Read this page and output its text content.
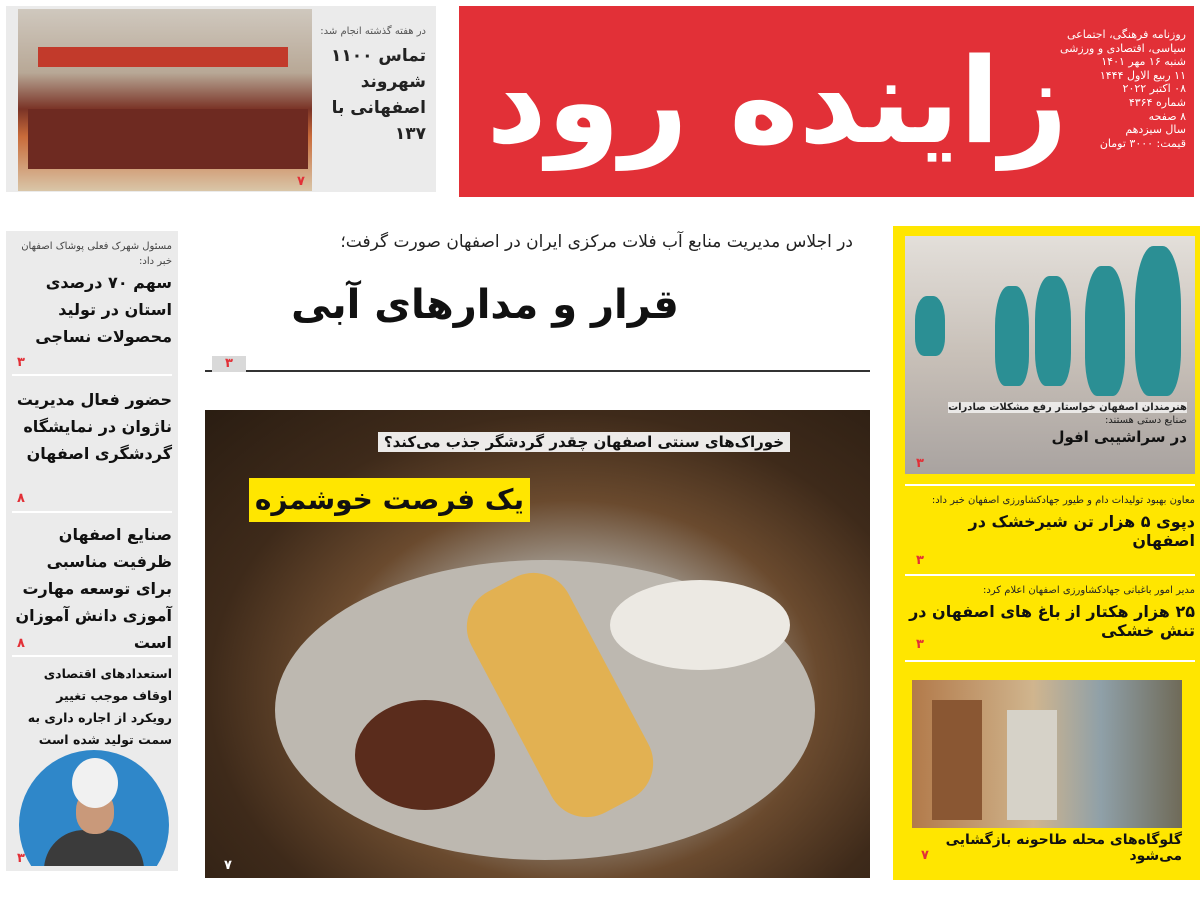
زاینده رود روزنامه فرهنگی، اجتماعی
سیاسی، اقتصادی و ورزشی
شنبه ۱۶ مهر ۱۴۰۱
۱۱ ربیع الاول ۱۴۴۴
۰۸ اکتبر ۲۰۲۲
شماره ۴۳۶۴
۸ صفحه
سال سیزدهم
قیمت: ۳۰۰۰ تومان
در هفته گذشته انجام شد:
تماس ۱۱۰۰ شهروند اصفهانی با ۱۳۷
۷
مسئول شهرک فعلی پوشاک اصفهان خبر داد:
سهم ۷۰ درصدی استان در تولید محصولات نساجی
۳
حضور فعال مدیریت ناژوان در نمایشگاه گردشگری اصفهان
۸
صنایع اصفهان ظرفیت مناسبی برای توسعه مهارت آموزی دانش آموزان است
۸
استعدادهای اقتصادی اوقاف موجب تغییر رویکرد از اجاره داری به سمت تولید شده است
۳
در اجلاس مدیریت منابع آب فلات مرکزی ایران در اصفهان صورت گرفت؛
قرار و مدارهای آبی
۳
خوراک‌های سنتی اصفهان چقدر گردشگر جذب می‌کند؟
یک فرصت خوشمزه
۷
هنرمندان اصفهان خواستار رفع مشکلات صادرات
صنایع دستی هستند:
در سراشیبی افول
۳
معاون بهبود تولیدات دام و طیور جهادکشاورزی اصفهان خبر داد:
دپوی ۵ هزار تن شیرخشک در اصفهان
۳
مدیر امور باغبانی جهادکشاورزی اصفهان اعلام کرد:
۲۵ هزار هکتار از باغ های اصفهان در تنش خشکی
۳
گلوگاه‌های محله طاحونه بازگشایی می‌شود
۷
